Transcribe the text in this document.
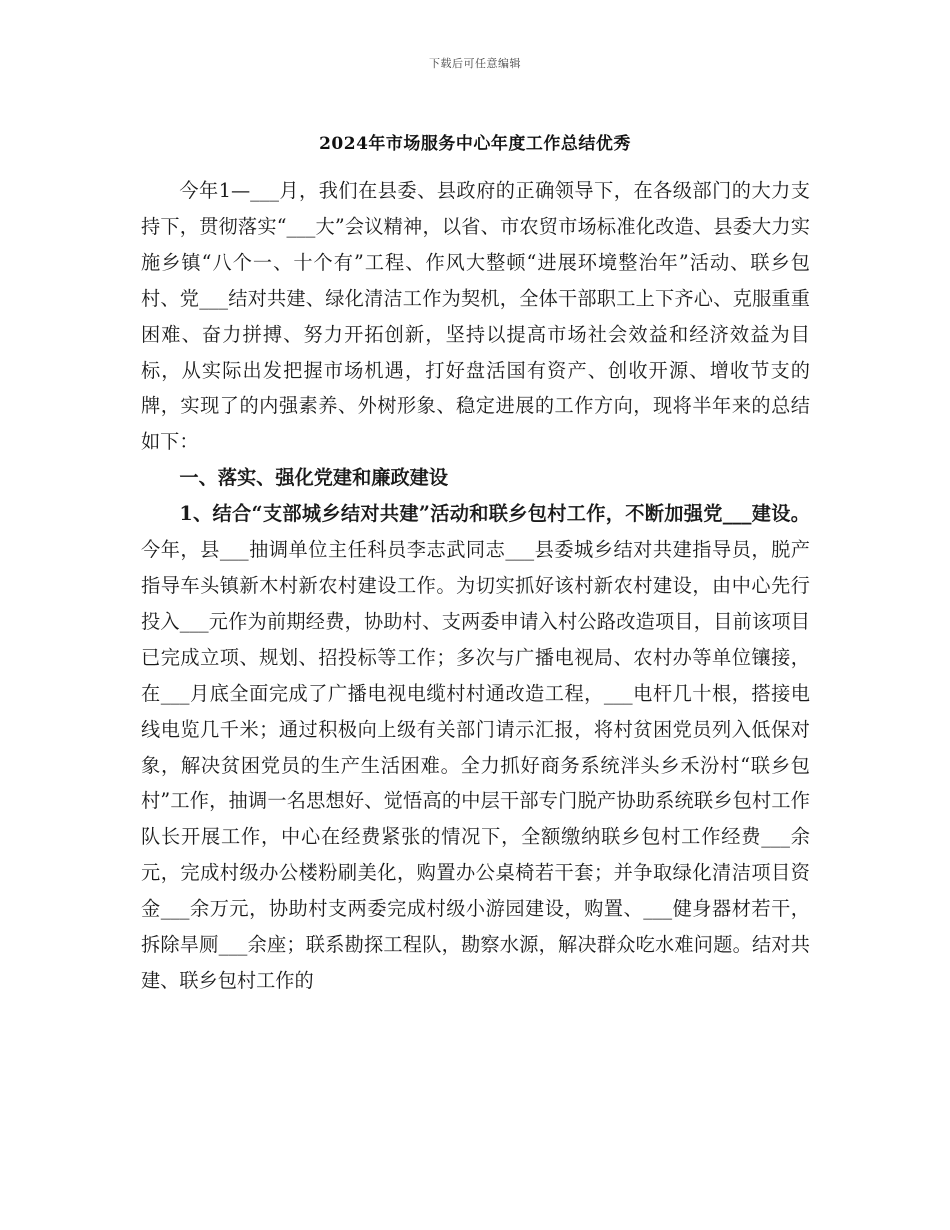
下载后可任意编辑
2024年市场服务中心年度工作总结优秀

今年1—___月，我们在县委、县政府的正确领导下，在各级部门的大力支持下，贯彻落实“___大”会议精神，以省、市农贸市场标准化改造、县委大力实施乡镇“八个一、十个有”工程、作风大整顿“进展环境整治年”活动、联乡包村、党___结对共建、绿化清洁工作为契机，全体干部职工上下齐心、克服重重困难、奋力拼搏、努力开拓创新，坚持以提高市场社会效益和经济效益为目标，从实际出发把握市场机遇，打好盘活国有资产、创收开源、增收节支的牌，实现了的内强素养、外树形象、稳定进展的工作方向，现将半年来的总结如下：

一、落实、强化党建和廉政建设

1、结合“支部城乡结对共建”活动和联乡包村工作，不断加强党___建设。今年，县___抽调单位主任科员李志武同志___县委城乡结对共建指导员，脱产指导车头镇新木村新农村建设工作。为切实抓好该村新农村建设，由中心先行投入___元作为前期经费，协助村、支两委申请入村公路改造项目，目前该项目已完成立项、规划、招投标等工作；多次与广播电视局、农村办等单位镶接，在___月底全面完成了广播电视电缆村村通改造工程，___电杆几十根，搭接电线电览几千米；通过积极向上级有关部门请示汇报，将村贫困党员列入低保对象，解决贫困党员的生产生活困难。全力抓好商务系统泮头乡禾汾村“联乡包村”工作，抽调一名思想好、觉悟高的中层干部专门脱产协助系统联乡包村工作队长开展工作，中心在经费紧张的情况下，全额缴纳联乡包村工作经费___余元，完成村级办公楼粉刷美化，购置办公桌椅若干套；并争取绿化清洁项目资金___余万元，协助村支两委完成村级小游园建设，购置、___健身器材若干，拆除旱厕___余座；联系勘探工程队，勘察水源，解决群众吃水难问题。结对共建、联乡包村工作的
